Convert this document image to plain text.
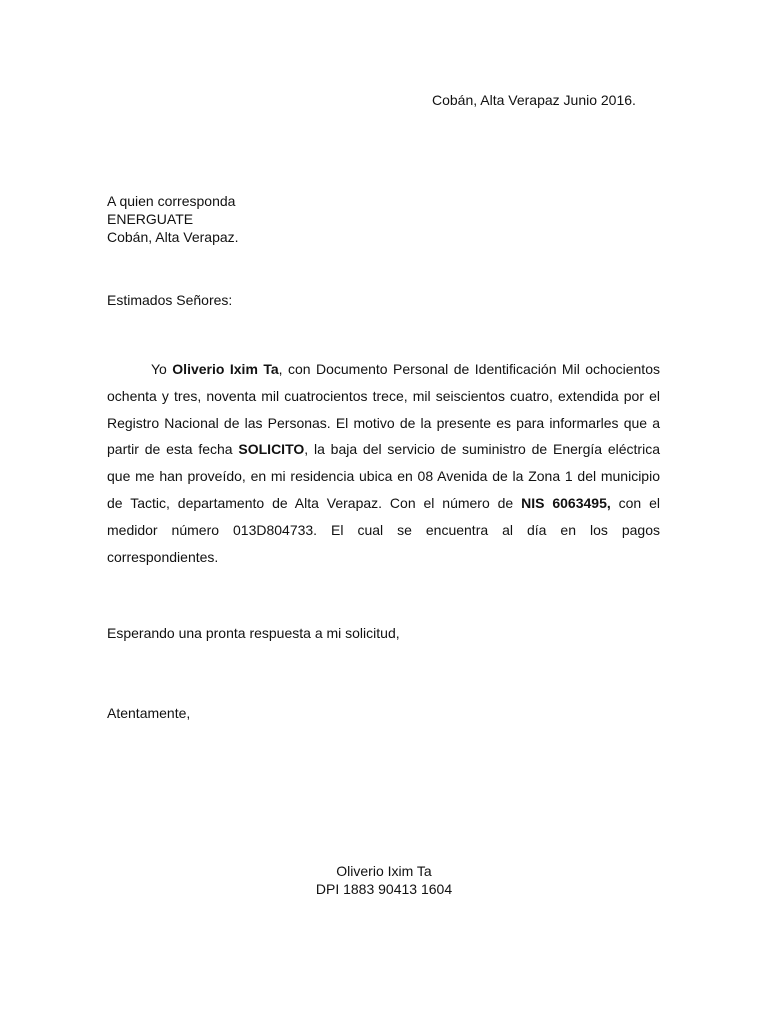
Cobán, Alta Verapaz Junio 2016.
A quien corresponda
ENERGUATE
Cobán, Alta Verapaz.
Estimados Señores:

Yo Oliverio Ixim Ta, con Documento Personal de Identificación Mil ochocientos ochenta y tres, noventa mil cuatrocientos trece, mil seiscientos cuatro, extendida por el Registro Nacional de las Personas. El motivo de la presente es para informarles que a partir de esta fecha SOLICITO, la baja del servicio de suministro de Energía eléctrica que me han proveído, en mi residencia ubica en 08 Avenida de la Zona 1 del municipio de Tactic, departamento de Alta Verapaz. Con el número de NIS 6063495, con el medidor número 013D804733. El cual se encuentra al día en los pagos correspondientes.

Esperando una pronta respuesta a mi solicitud,
Atentamente,
Oliverio Ixim Ta
DPI 1883 90413 1604
